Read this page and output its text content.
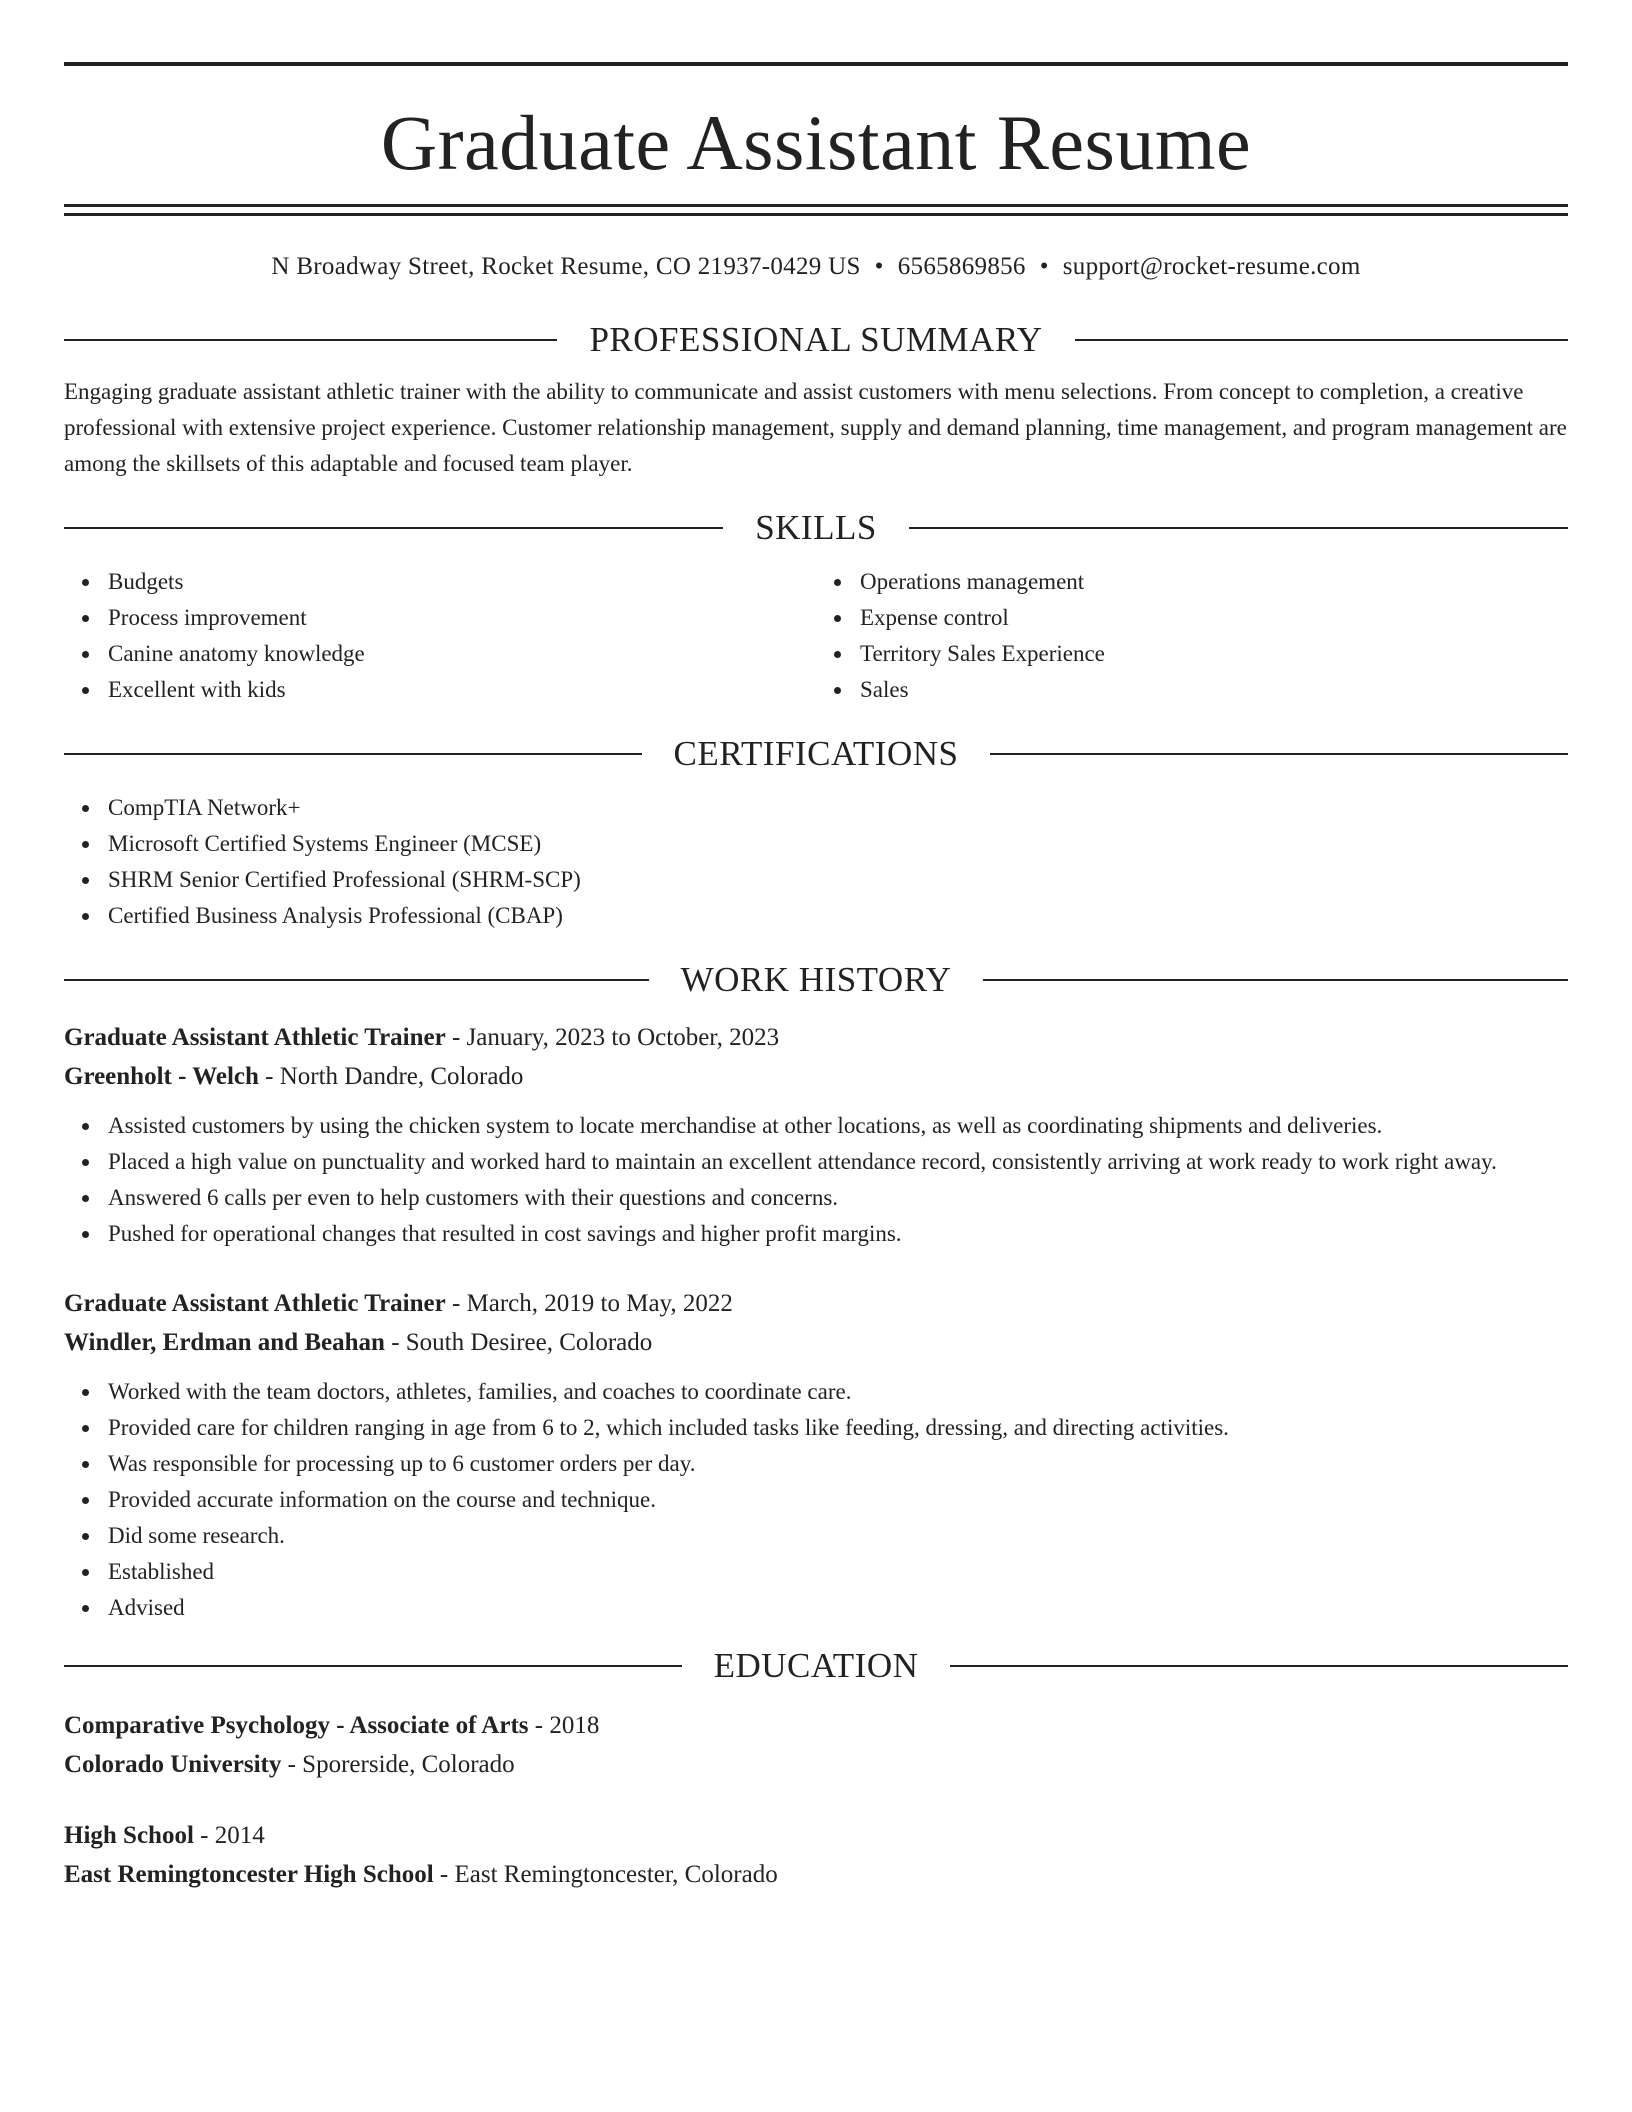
Graduate Assistant Resume
N Broadway Street, Rocket Resume, CO 21937-0429 US • 6565869856 • support@rocket-resume.com
PROFESSIONAL SUMMARY
Engaging graduate assistant athletic trainer with the ability to communicate and assist customers with menu selections. From concept to completion, a creative professional with extensive project experience. Customer relationship management, supply and demand planning, time management, and program management are among the skillsets of this adaptable and focused team player.
SKILLS
Budgets
Process improvement
Canine anatomy knowledge
Excellent with kids
Operations management
Expense control
Territory Sales Experience
Sales
CERTIFICATIONS
CompTIA Network+
Microsoft Certified Systems Engineer (MCSE)
SHRM Senior Certified Professional (SHRM-SCP)
Certified Business Analysis Professional (CBAP)
WORK HISTORY
Graduate Assistant Athletic Trainer - January, 2023 to October, 2023
Greenholt - Welch - North Dandre, Colorado
Assisted customers by using the chicken system to locate merchandise at other locations, as well as coordinating shipments and deliveries.
Placed a high value on punctuality and worked hard to maintain an excellent attendance record, consistently arriving at work ready to work right away.
Answered 6 calls per even to help customers with their questions and concerns.
Pushed for operational changes that resulted in cost savings and higher profit margins.
Graduate Assistant Athletic Trainer - March, 2019 to May, 2022
Windler, Erdman and Beahan - South Desiree, Colorado
Worked with the team doctors, athletes, families, and coaches to coordinate care.
Provided care for children ranging in age from 6 to 2, which included tasks like feeding, dressing, and directing activities.
Was responsible for processing up to 6 customer orders per day.
Provided accurate information on the course and technique.
Did some research.
Established
Advised
EDUCATION
Comparative Psychology - Associate of Arts - 2018
Colorado University - Sporerside, Colorado
High School - 2014
East Remingtoncester High School - East Remingtoncester, Colorado
